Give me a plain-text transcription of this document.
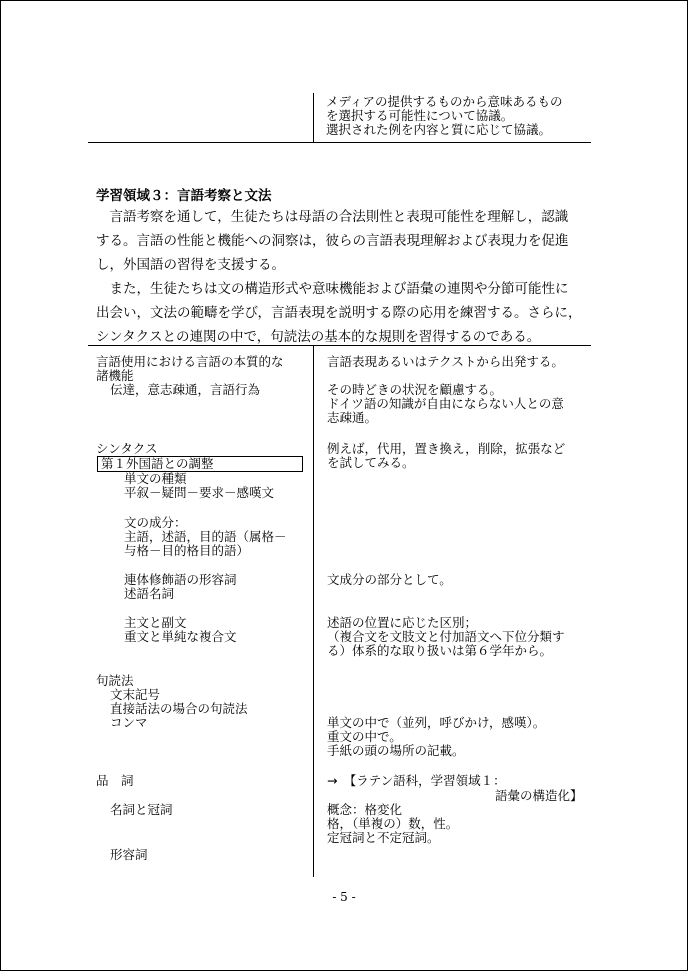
メディアの提供するものから意味あるもの
を選択する可能性について協議。
選択された例を内容と質に応じて協議。
学習領域３：言語考察と文法
　言語考察を通して，生徒たちは母語の合法則性と表現可能性を理解し，認識
する。言語の性能と機能への洞察は，彼らの言語表現理解および表現力を促進
し，外国語の習得を支援する。
　また，生徒たちは文の構造形式や意味機能および語彙の連関や分節可能性に
出会い，文法の範疇を学び，言語表現を説明する際の応用を練習する。さらに，
シンタクスとの連関の中で，句読法の基本的な規則を習得するのである。
言語使用における言語の本質的な
諸機能
伝達，意志疎通，言語行為
シンタクス
第１外国語との調整
単文の種類
平叙－疑問－要求－感嘆文
文の成分：
主語，述語，目的語（属格－
与格－目的格目的語）
連体修飾語の形容詞
述語名詞
主文と副文
重文と単純な複合文
句読法
文末記号
直接話法の場合の句読法
コンマ
品　詞
名詞と冠詞
形容詞
言語表現あるいはテクストから出発する。
その時どきの状況を顧慮する。
ドイツ語の知識が自由にならない人との意
志疎通。
例えば，代用，置き換え，削除，拡張など
を試してみる。
文成分の部分として。
述語の位置に応じた区別；
（複合文を文肢文と付加語文へ下位分類す
る）体系的な取り扱いは第６学年から。
単文の中で（並列，呼びかけ，感嘆）。
重文の中で。
手紙の頭の場所の記載。
→　【ラテン語科，学習領域１：
語彙の構造化】
概念：格変化
格，（単複の）数，性。
定冠詞と不定冠詞。
- 5 -
